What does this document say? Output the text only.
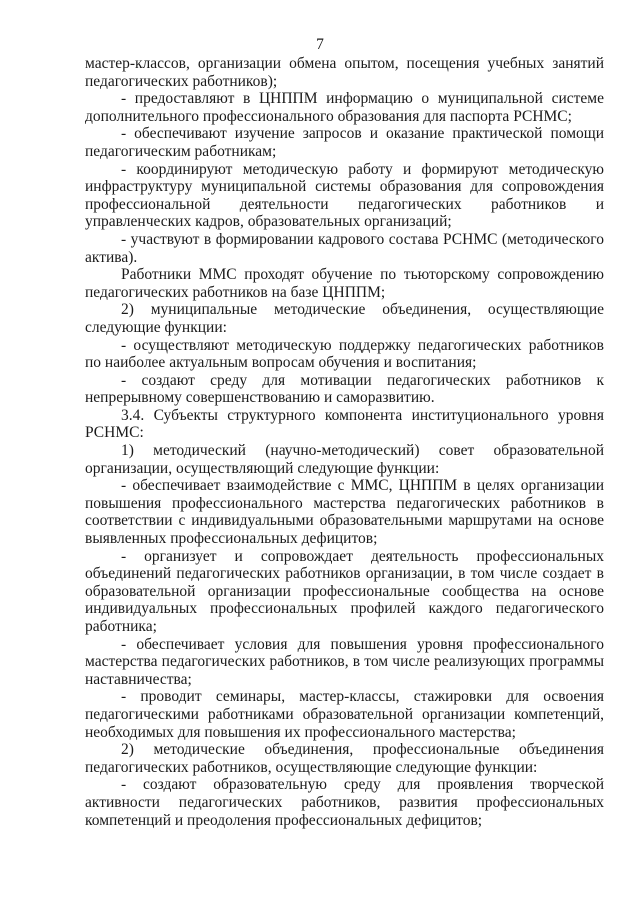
7

мастер-классов, организации обмена опытом, посещения учебных занятий педагогических работников);

- предоставляют в ЦНППМ информацию о муниципальной системе дополнительного профессионального образования для паспорта РСНМС;

- обеспечивают изучение запросов и оказание практической помощи педагогическим работникам;

- координируют методическую работу и формируют методическую инфраструктуру муниципальной системы образования для сопровождения профессиональной деятельности педагогических работников и управленческих кадров, образовательных организаций;

- участвуют в формировании кадрового состава РСНМС (методического актива).

Работники ММС проходят обучение по тьюторскому сопровождению педагогических работников на базе ЦНППМ;

2) муниципальные методические объединения, осуществляющие следующие функции:

- осуществляют методическую поддержку педагогических работников по наиболее актуальным вопросам обучения и воспитания;

- создают среду для мотивации педагогических работников к непрерывному совершенствованию и саморазвитию.

3.4. Субъекты структурного компонента институционального уровня РСНМС:

1) методический (научно-методический) совет образовательной организации, осуществляющий следующие функции:

- обеспечивает взаимодействие с ММС, ЦНППМ в целях организации повышения профессионального мастерства педагогических работников в соответствии с индивидуальными образовательными маршрутами на основе выявленных профессиональных дефицитов;

- организует и сопровождает деятельность профессиональных объединений педагогических работников организации, в том числе создает в образовательной организации профессиональные сообщества на основе индивидуальных профессиональных профилей каждого педагогического работника;

- обеспечивает условия для повышения уровня профессионального мастерства педагогических работников, в том числе реализующих программы наставничества;

- проводит семинары, мастер-классы, стажировки для освоения педагогическими работниками образовательной организации компетенций, необходимых для повышения их профессионального мастерства;

2) методические объединения, профессиональные объединения педагогических работников, осуществляющие следующие функции:

- создают образовательную среду для проявления творческой активности педагогических работников, развития профессиональных компетенций и преодоления профессиональных дефицитов;
